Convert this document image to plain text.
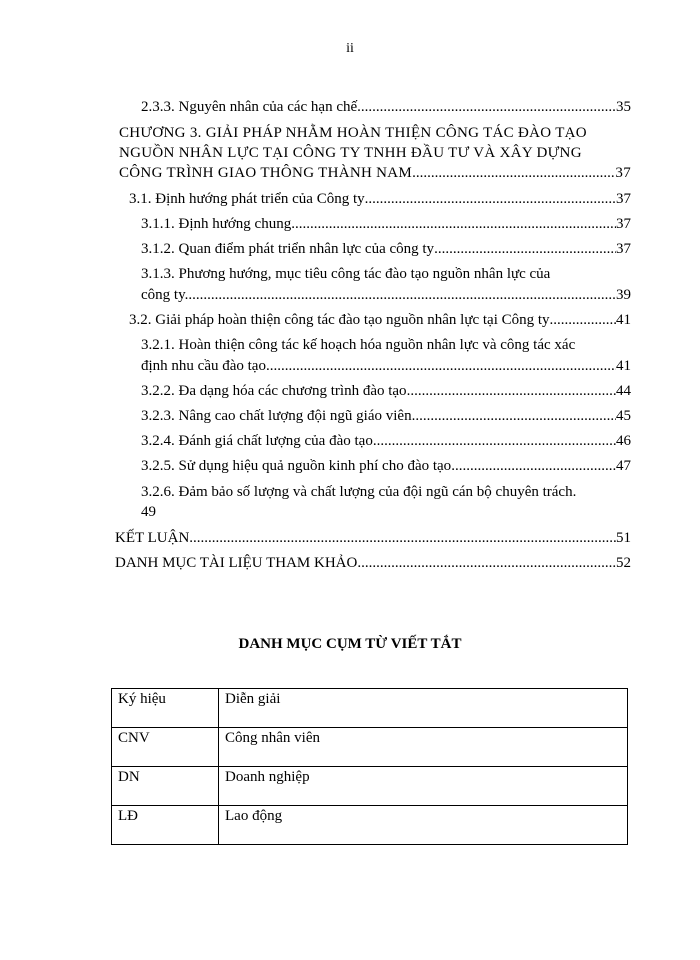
ii
2.3.3. Nguyên nhân của các hạn chế .....	35
CHƯƠNG 3. GIẢI PHÁP NHẰM HOÀN THIỆN CÔNG TÁC ĐÀO TẠO
NGUỒN NHÂN LỰC TẠI CÔNG TY TNHH ĐẦU TƯ VÀ XÂY DỰNG
CÔNG TRÌNH GIAO THÔNG THÀNH NAM .....	37
3.1. Định hướng phát triển của Công ty .....	37
3.1.1. Định hướng chung .....	37
3.1.2. Quan điểm phát triển nhân lực của công ty .....	37
3.1.3. Phương hướng, mục tiêu công tác đào tạo nguồn nhân lực của
công ty. .....	39
3.2. Giải pháp hoàn thiện công tác đào tạo nguồn nhân lực tại Công ty .....	41
3.2.1. Hoàn thiện công tác kế hoạch hóa nguồn nhân lực và công tác xác
định nhu cầu đào tạo. .....	41
3.2.2. Đa dạng hóa các chương trình đào tạo .....	44
3.2.3. Nâng cao chất lượng đội ngũ giáo viên. .....	45
3.2.4. Đánh giá chất lượng của đào tạo .....	46
3.2.5. Sử dụng hiệu quả nguồn kinh phí cho đào tạo .....	47
3.2.6. Đảm bảo số lượng và chất lượng của đội ngũ cán bộ chuyên trách.
49
KẾT LUẬN .....	51
DANH MỤC TÀI LIỆU THAM KHẢO .....	52
DANH MỤC CỤM TỪ VIẾT TẮT
Ký hiệu	Diễn giải
CNV	Công nhân viên
DN	Doanh nghiệp
LĐ	Lao động
